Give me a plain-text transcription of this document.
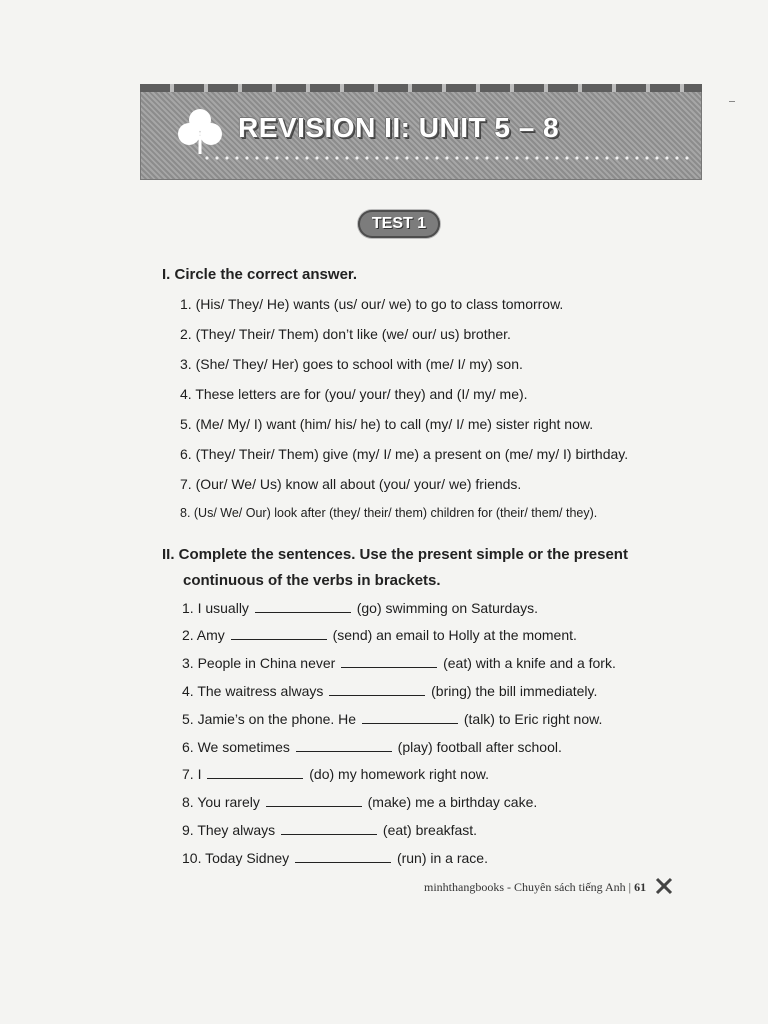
REVISION II: UNIT 5 – 8
TEST 1
I. Circle the correct answer.
1. (His/ They/ He) wants (us/ our/ we) to go to class tomorrow.
2. (They/ Their/ Them) don’t like (we/ our/ us) brother.
3. (She/ They/ Her) goes to school with (me/ I/ my) son.
4. These letters are for (you/ your/ they) and (I/ my/ me).
5. (Me/ My/ I) want (him/ his/ he) to call (my/ I/ me) sister right now.
6. (They/ Their/ Them) give (my/ I/ me) a present on (me/ my/ I) birthday.
7. (Our/ We/ Us) know all about (you/ your/ we) friends.
8. (Us/ We/ Our) look after (they/ their/ them) children for (their/ them/ they).
II. Complete the sentences. Use the present simple or the present
continuous of the verbs in brackets.
1. I usually	(go) swimming on Saturdays.
2. Amy	(send) an email to Holly at the moment.
3. People in China never	(eat) with a knife and a fork.
4. The waitress always	(bring) the bill immediately.
5. Jamie’s on the phone. He	(talk) to Eric right now.
6. We sometimes	(play) football after school.
7. I	(do) my homework right now.
8. You rarely	(make) me a birthday cake.
9. They always	(eat) breakfast.
10. Today Sidney	(run) in a race.
minhthangbooks - Chuyên sách tiếng Anh | 61
